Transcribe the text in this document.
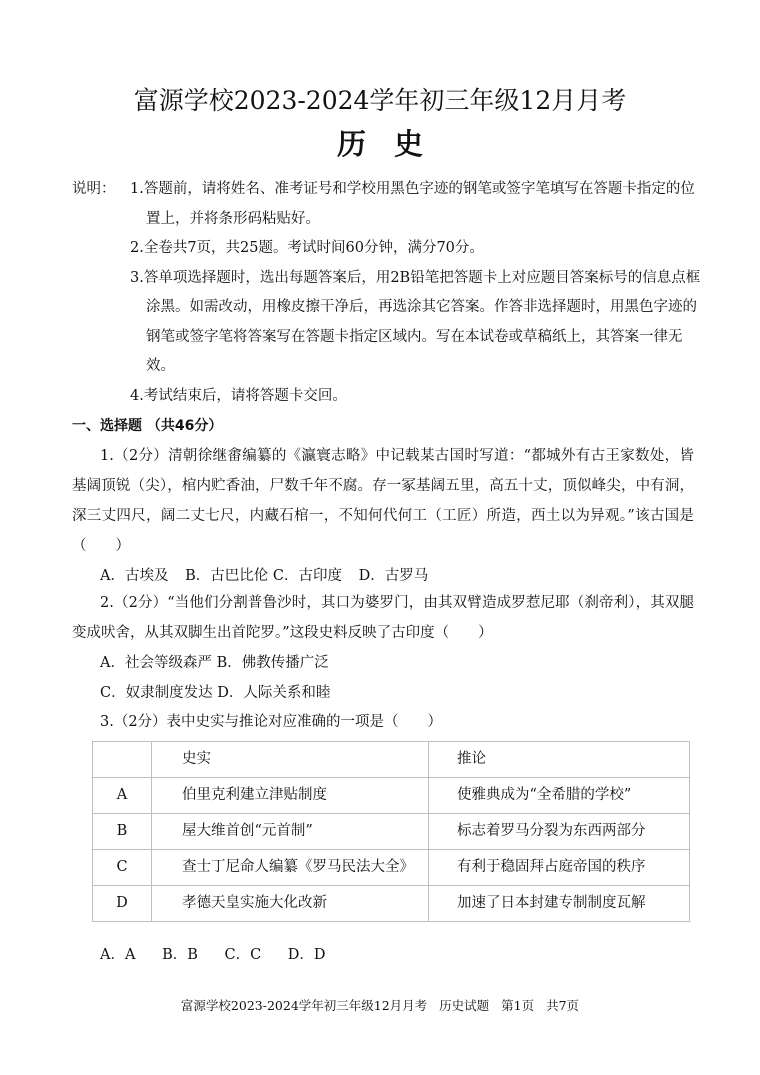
富源学校2023-2024学年初三年级12月月考
历史
说明： 1.答题前，请将姓名、准考证号和学校用黑色字迹的钢笔或签字笔填写在答题卡指定的位置上，并将条形码粘贴好。
2.全卷共7页，共25题。考试时间60分钟，满分70分。
3.答单项选择题时，选出每题答案后，用2B铅笔把答题卡上对应题目答案标号的信息点框涂黑。如需改动，用橡皮擦干净后，再选涂其它答案。作答非选择题时，用黑色字迹的钢笔或签字笔将答案写在答题卡指定区域内。写在本试卷或草稿纸上，其答案一律无效。
4.考试结束后，请将答题卡交回。
一、选择题 （共46分）
1.（2分）清朝徐继畬编纂的《瀛寰志略》中记载某古国时写道：“都城外有古王家数处，皆基阔顶锐（尖），棺内贮香油，尸数千年不腐。存一冢基阔五里，高五十丈，顶似峰尖，中有洞，深三丈四尺，阔二丈七尺，内藏石棺一，不知何代何工（工匠）所造，西土以为异观。”该古国是（　　）
A．古埃及 B．古巴比伦 C．古印度 D．古罗马
2.（2分）“当他们分割普鲁沙时，其口为婆罗门，由其双臂造成罗惹尼耶（刹帝利），其双腿变成吠舍，从其双脚生出首陀罗。”这段史料反映了古印度（　　）
A．社会等级森严 B．佛教传播广泛
C．奴隶制度发达 D．人际关系和睦
3.（2分）表中史实与推论对应准确的一项是（　　）
	史实	推论
A	伯里克利建立津贴制度	使雅典成为“全希腊的学校”
B	屋大维首创“元首制”	标志着罗马分裂为东西两部分
C	查士丁尼命人编纂《罗马民法大全》	有利于稳固拜占庭帝国的秩序
D	孝德天皇实施大化改新	加速了日本封建专制制度瓦解
A．A B．B C．C D．D
富源学校2023-2024学年初三年级12月月考 历史试题 第1页 共7页
